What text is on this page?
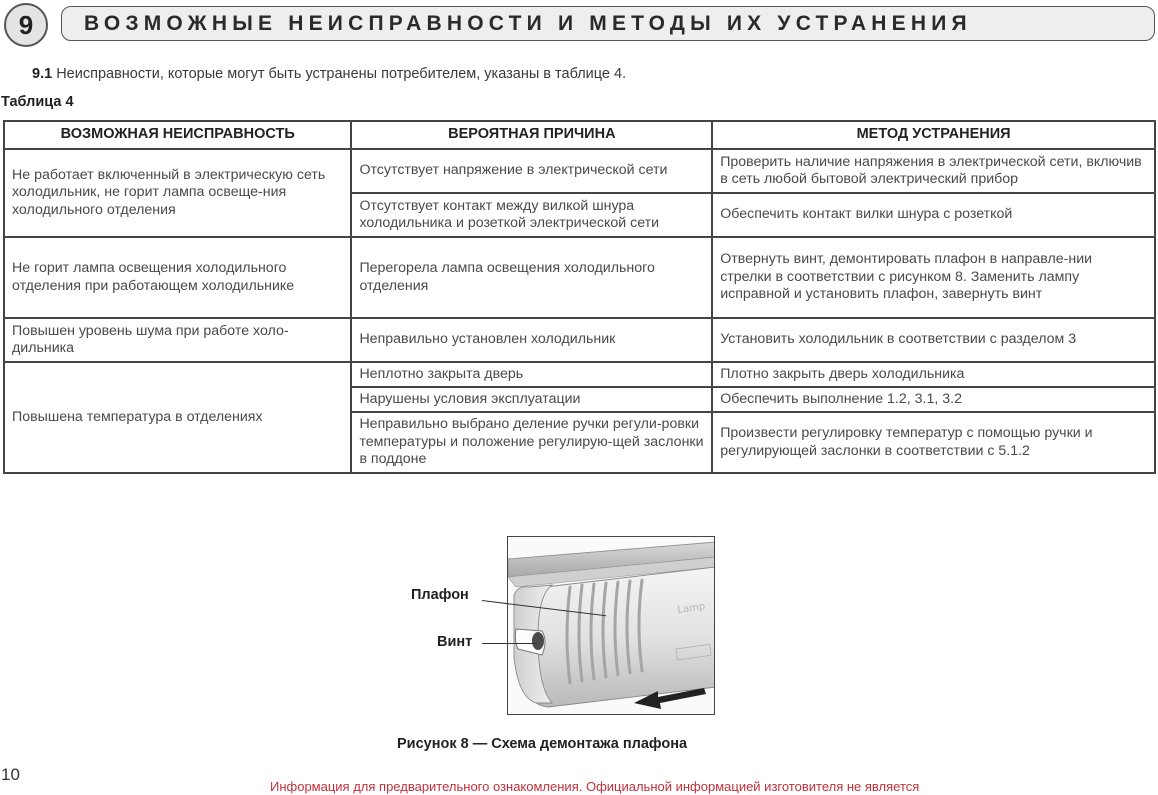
9 ВОЗМОЖНЫЕ НЕИСПРАВНОСТИ И МЕТОДЫ ИХ УСТРАНЕНИЯ
9.1 Неисправности, которые могут быть устранены потребителем, указаны в таблице 4.
Таблица 4
ВОЗМОЖНАЯ НЕИСПРАВНОСТЬ	ВЕРОЯТНАЯ ПРИЧИНА	МЕТОД УСТРАНЕНИЯ
Не работает включенный в электрическую сеть холодильник, не горит лампа освеще-ния холодильного отделения	Отсутствует напряжение в электрической сети	Проверить наличие напряжения в электрической сети, включив в сеть любой бытовой электрический прибор
	Отсутствует контакт между вилкой шнура холодильника и розеткой электрической сети	Обеспечить контакт вилки шнура с розеткой
Не горит лампа освещения холодильного отделения при работающем холодильнике	Перегорела лампа освещения холодильного отделения	Отвернуть винт, демонтировать плафон в направле-нии стрелки в соответствии с рисунком 8. Заменить лампу исправной и установить плафон, завернуть винт
Повышен уровень шума при работе холо-дильника	Неправильно установлен холодильник	Установить холодильник в соответствии с разделом 3
Повышена температура в отделениях	Неплотно закрыта дверь	Плотно закрыть дверь холодильника
	Нарушены условия эксплуатации	Обеспечить выполнение 1.2, 3.1, 3.2
	Неправильно выбрано деление ручки регули-ровки температуры и положение регулирую-щей заслонки в поддоне	Произвести регулировку температур с помощью ручки и регулирующей заслонки в соответствии с 5.1.2
Lamp
Плафон
Винт
Рисунок 8 — Схема демонтажа плафона
10
Информация для предварительного ознакомления. Официальной информацией изготовителя не является
